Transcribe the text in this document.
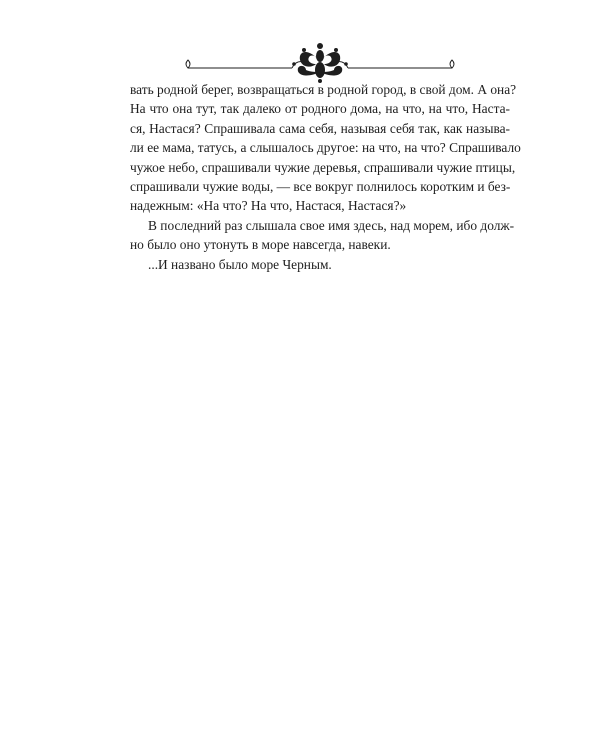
вать родной берег, возвращаться в родной город, в свой дом. А она?
На что она тут, так далеко от родного дома, на что, на что, Наста-
ся, Настася? Спрашивала сама себя, называя себя так, как называ-
ли ее мама, татусь, а слышалось другое: на что, на что? Спрашивало
чужое небо, спрашивали чужие деревья, спрашивали чужие птицы,
спрашивали чужие воды, — все вокруг полнилось коротким и без-
надежным: «На что? На что, Настася, Настася?»

В последний раз слышала свое имя здесь, над морем, ибо долж-
но было оно утонуть в море навсегда, навеки.

...И названо было море Черным.
